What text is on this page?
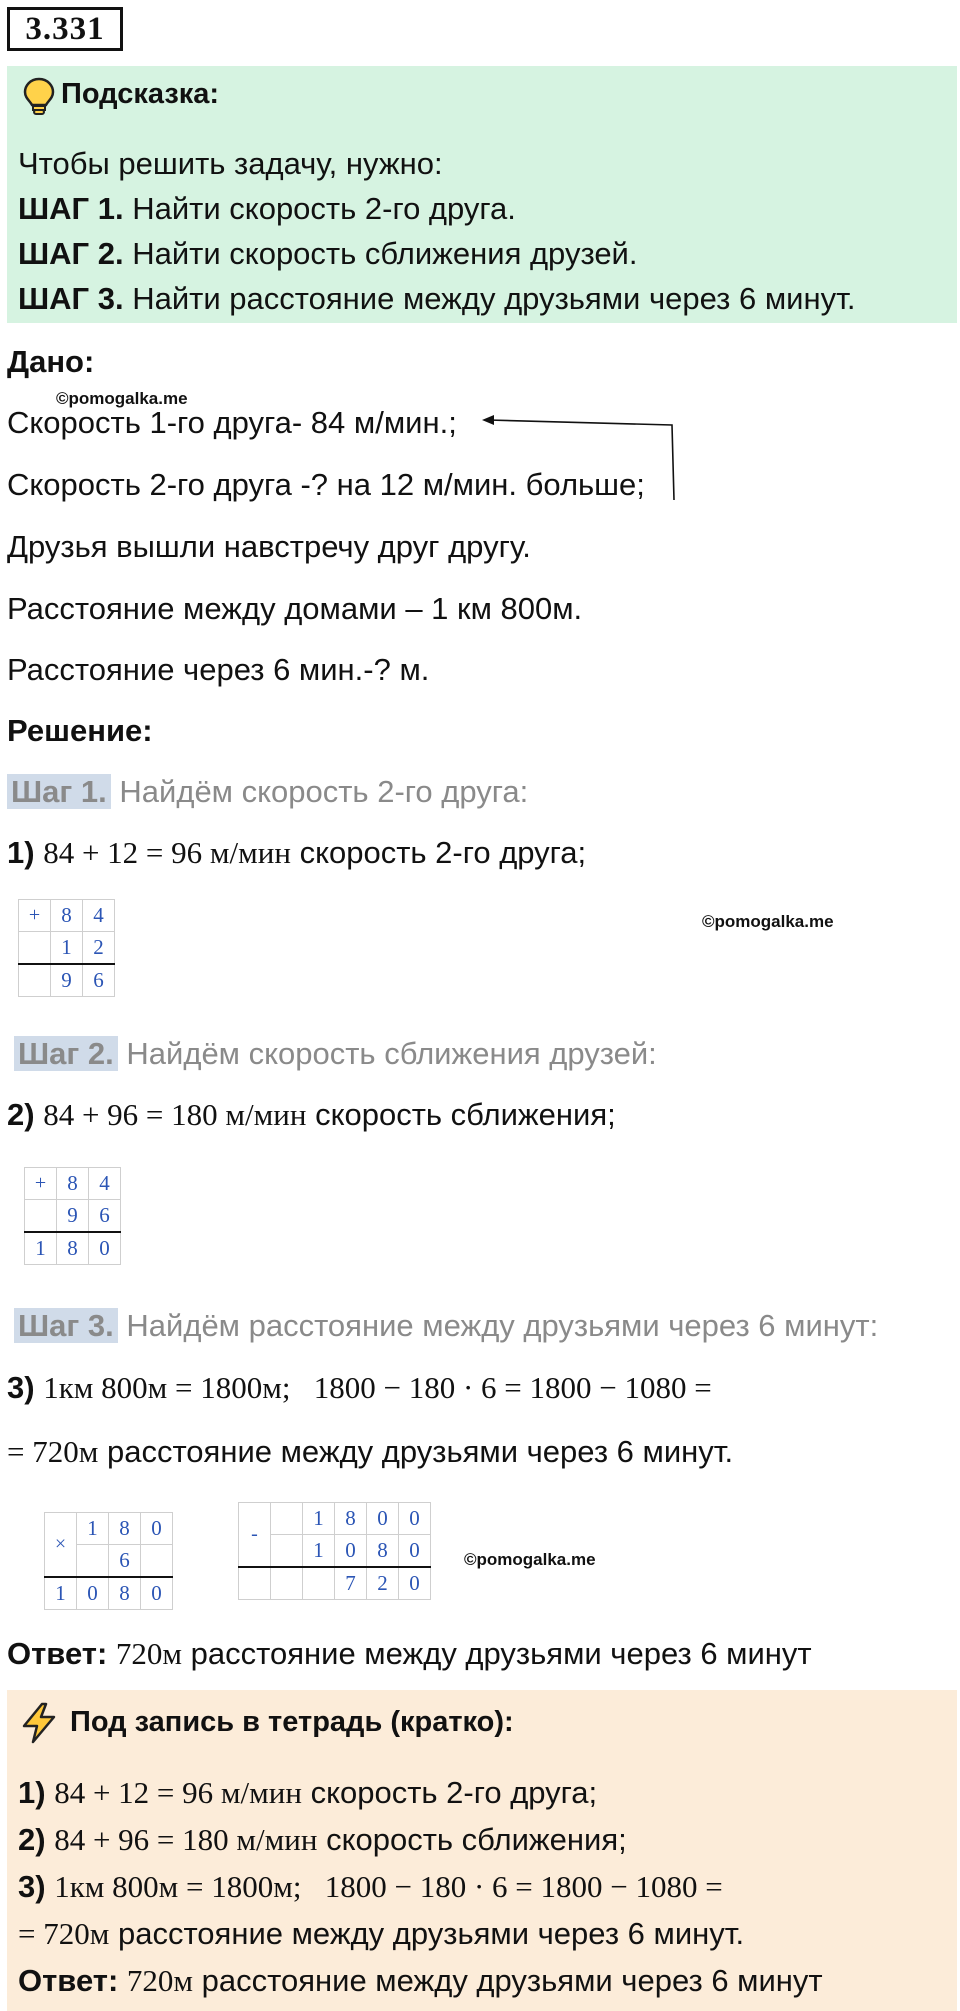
3.331
Подсказка:
Чтобы решить задачу, нужно:
ШАГ 1. Найти скорость 2-го друга.
ШАГ 2. Найти скорость сближения друзей.
ШАГ 3. Найти расстояние между друзьями через 6 минут.
Дано:
©pomogalka.me
Скорость 1-го друга- 84 м/мин.;
Скорость 2-го друга -? на 12 м/мин. больше;
Друзья вышли навстречу друг другу.
Расстояние между домами – 1 км 800м.
Расстояние через 6 мин.-? м.
Решение:
Шаг 1. Найдём скорость 2-го друга:
1) 84 + 12 = 96 м/мин скорость 2-го друга;
+	8	4
	1	2
	9	6
©pomogalka.me
Шаг 2. Найдём скорость сближения друзей:
2) 84 + 96 = 180 м/мин скорость сближения;
+	8	4
	9	6
1	8	0
Шаг 3. Найдём расстояние между друзьями через 6 минут:
3) 1км 800м = 1800м;   1800 − 180 · 6 = 1800 − 1080 =
= 720м расстояние между друзьями через 6 минут.
×	1	8	0
		6	
1	0	8	0
-		1	8	0	0
		1	0	8	0
			7	2	0
©pomogalka.me
Ответ: 720м расстояние между друзьями через 6 минут
Под запись в тетрадь (кратко):
1) 84 + 12 = 96 м/мин скорость 2-го друга;
2) 84 + 96 = 180 м/мин скорость сближения;
3) 1км 800м = 1800м;   1800 − 180 · 6 = 1800 − 1080 =
= 720м расстояние между друзьями через 6 минут.
Ответ: 720м расстояние между друзьями через 6 минут
